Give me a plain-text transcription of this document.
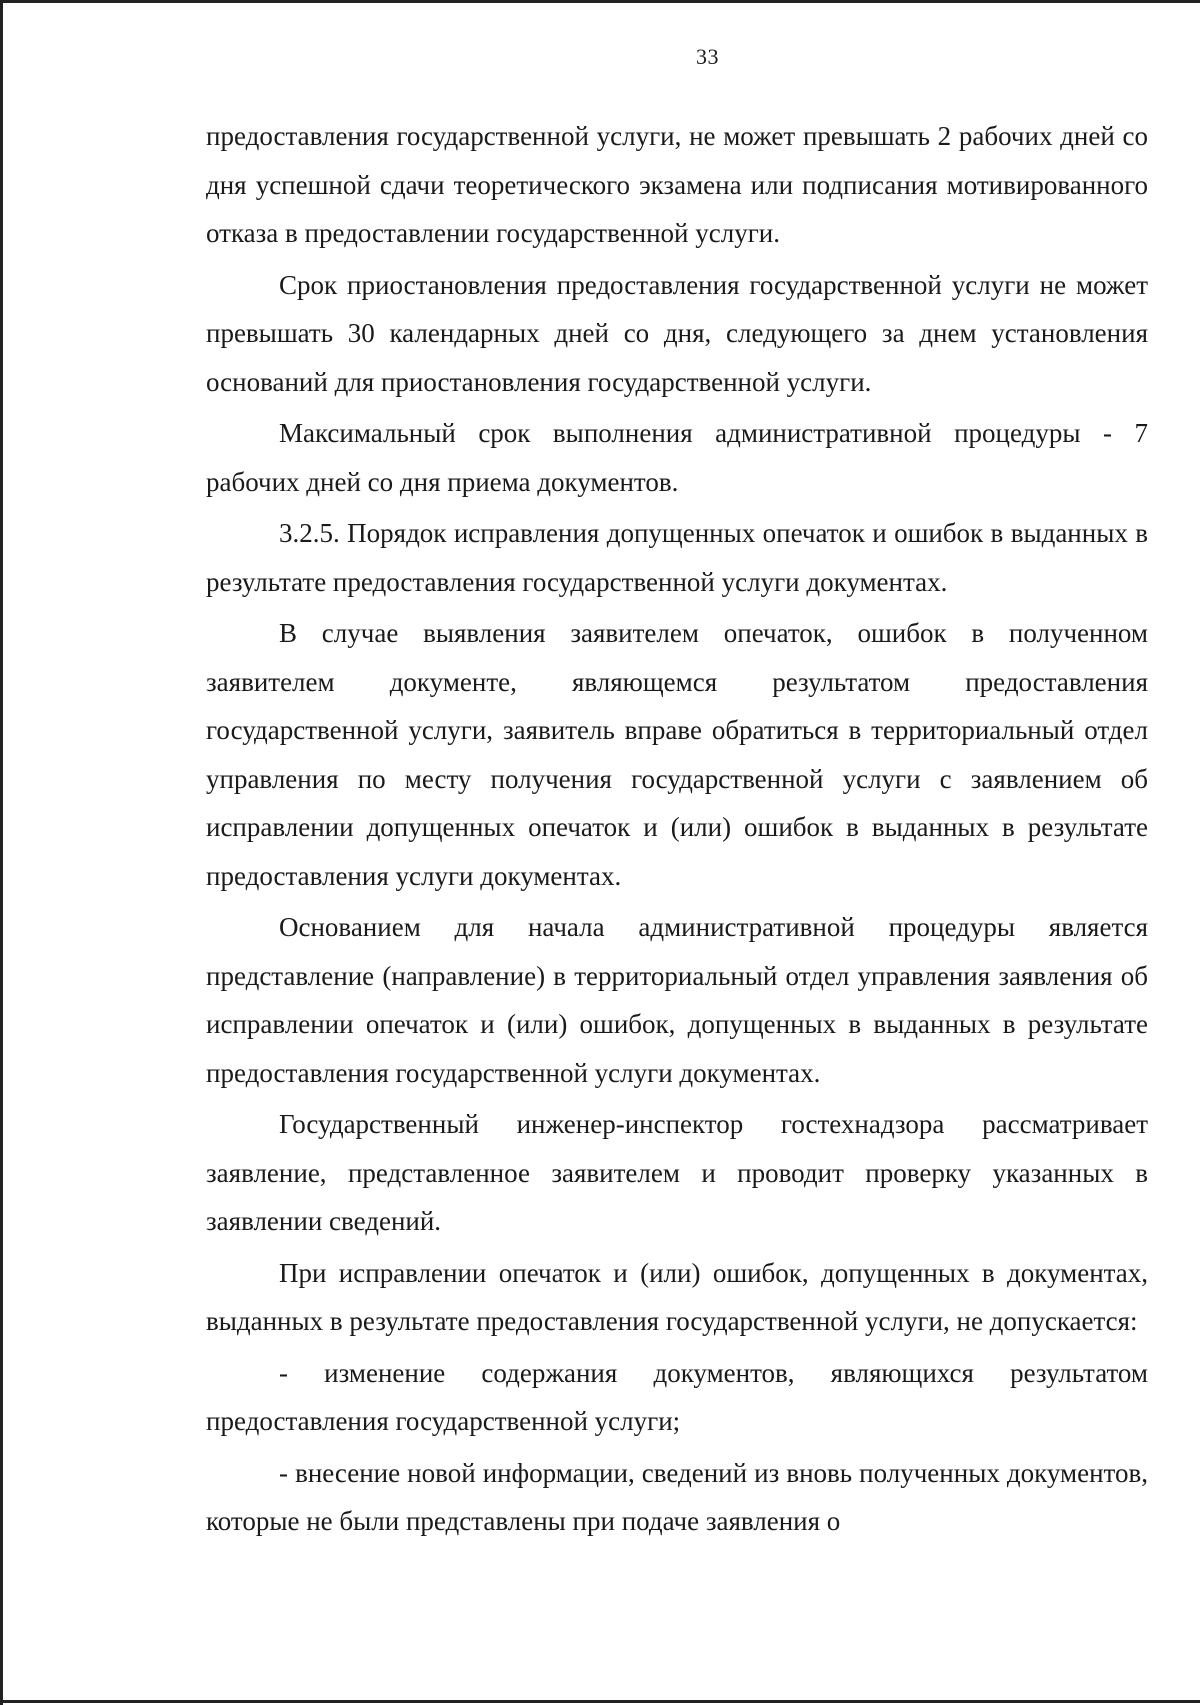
33

предоставления государственной услуги, не может превышать 2 рабочих дней со дня успешной сдачи теоретического экзамена или подписания мотивированного отказа в предоставлении государственной услуги.

Срок приостановления предоставления государственной услуги не может превышать 30 календарных дней со дня, следующего за днем установления оснований для приостановления государственной услуги.

Максимальный срок выполнения административной процедуры - 7 рабочих дней со дня приема документов.

3.2.5. Порядок исправления допущенных опечаток и ошибок в выданных в результате предоставления государственной услуги документах.

В случае выявления заявителем опечаток, ошибок в полученном заявителем документе, являющемся результатом предоставления государственной услуги, заявитель вправе обратиться в территориальный отдел управления по месту получения государственной услуги с заявлением об исправлении допущенных опечаток и (или) ошибок в выданных в результате предоставления услуги документах.

Основанием для начала административной процедуры является представление (направление) в территориальный отдел управления заявления об исправлении опечаток и (или) ошибок, допущенных в выданных в результате предоставления государственной услуги документах.

Государственный инженер-инспектор гостехнадзора рассматривает заявление, представленное заявителем и проводит проверку указанных в заявлении сведений.

При исправлении опечаток и (или) ошибок, допущенных в документах, выданных в результате предоставления государственной услуги, не допускается:

- изменение содержания документов, являющихся результатом предоставления государственной услуги;

- внесение новой информации, сведений из вновь полученных документов, которые не были представлены при подаче заявления о
